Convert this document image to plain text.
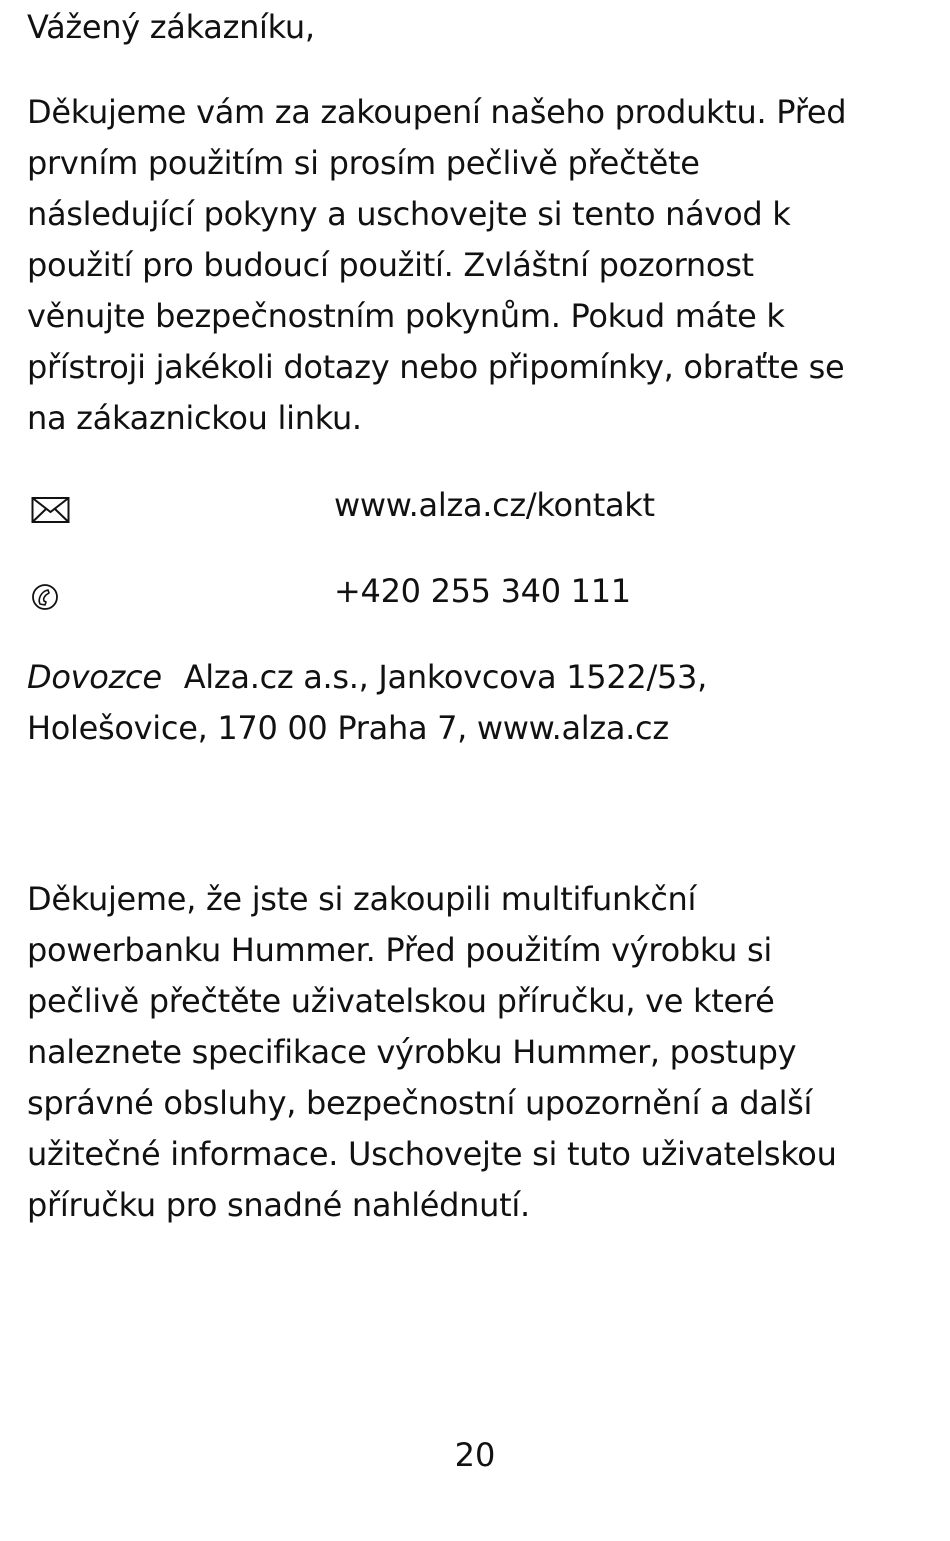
Vážený zákazníku,
Děkujeme vám za zakoupení našeho produktu. Před
prvním použitím si prosím pečlivě přečtěte
následující pokyny a uschovejte si tento návod k
použití pro budoucí použití. Zvláštní pozornost
věnujte bezpečnostním pokynům. Pokud máte k
přístroji jakékoli dotazy nebo připomínky, obraťte se
na zákaznickou linku.
www.alza.cz/kontakt
+420 255 340 111
Dovozce Alza.cz a.s., Jankovcova 1522/53,
Holešovice, 170 00 Praha 7, www.alza.cz
Děkujeme, že jste si zakoupili multifunkční
powerbanku Hummer. Před použitím výrobku si
pečlivě přečtěte uživatelskou příručku, ve které
naleznete specifikace výrobku Hummer, postupy
správné obsluhy, bezpečnostní upozornění a další
užitečné informace. Uschovejte si tuto uživatelskou
příručku pro snadné nahlédnutí.
20
